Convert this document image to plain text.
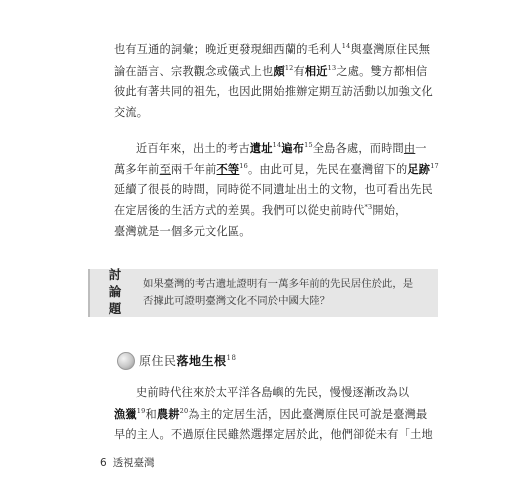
也有互通的詞彙；晚近更發現細西蘭的毛利人$^{14}$與臺灣原住民無
論在語言、宗教觀念或儀式上也頗$^{12}$有相近$^{13}$之處。雙方都相信
彼此有著共同的祖先，也因此開始推辦定期互訪活動以加強文化
交流。
近百年來，出土的考古遺址$^{14}$遍布$^{15}$全島各處，而時間由一
萬多年前至兩千年前不等$^{16}$。由此可見，先民在臺灣留下的足跡$^{17}$
延續了很長的時間，同時從不同遺址出土的文物，也可看出先民
在定居後的生活方式的差異。我們可以從史前時代$^{*3}$開始，
臺灣就是一個多元文化區。
討
論
題
如果臺灣的考古遺址證明有一萬多年前的先民居住於此，是
否據此可證明臺灣文化不同於中國大陸？
原住民落地生根$^{18}$
史前時代往來於太平洋各島嶼的先民，慢慢逐漸改為以
漁獵$^{19}$和農耕$^{20}$為主的定居生活，因此臺灣原住民可說是臺灣最
早的主人。不過原住民雖然選擇定居於此，他們卻從未有「土地
6 透視臺灣
